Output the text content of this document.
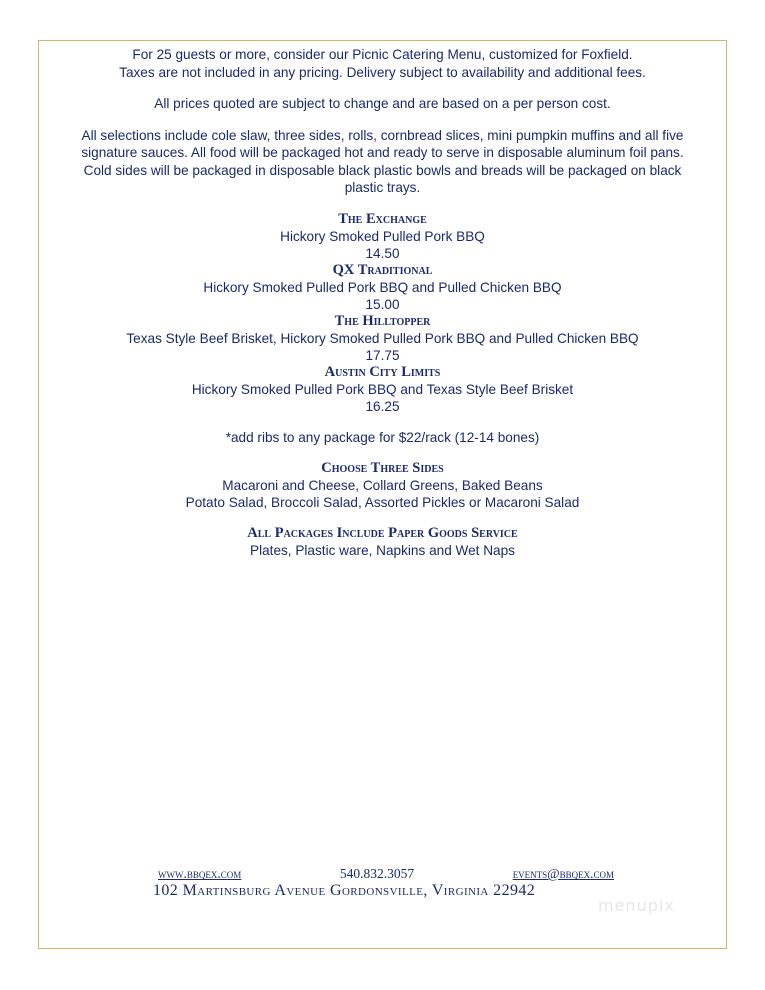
For 25 guests or more, consider our Picnic Catering Menu, customized for Foxfield.

Taxes are not included in any pricing. Delivery subject to availability and additional fees.

All prices quoted are subject to change and are based on a per person cost.

All selections include cole slaw, three sides, rolls, cornbread slices, mini pumpkin muffins and all five

signature sauces. All food will be packaged hot and ready to serve in disposable aluminum foil pans.

Cold sides will be packaged in disposable black plastic bowls and breads will be packaged on black

plastic trays.

The Exchange

Hickory Smoked Pulled Pork BBQ

14.50

QX Traditional

Hickory Smoked Pulled Pork BBQ and Pulled Chicken BBQ

15.00

The Hilltopper

Texas Style Beef Brisket, Hickory Smoked Pulled Pork BBQ and Pulled Chicken BBQ

17.75

Austin City Limits

Hickory Smoked Pulled Pork BBQ and Texas Style Beef Brisket

16.25

*add ribs to any package for $22/rack (12-14 bones)

Choose Three Sides

Macaroni and Cheese, Collard Greens, Baked Beans

Potato Salad, Broccoli Salad, Assorted Pickles or Macaroni Salad

All Packages Include Paper Goods Service

Plates, Plastic ware, Napkins and Wet Naps

www.bbqex.com	540.832.3057	events@bbqex.com
102 Martinsburg Avenue Gordonsville, Virginia 22942
menupix
